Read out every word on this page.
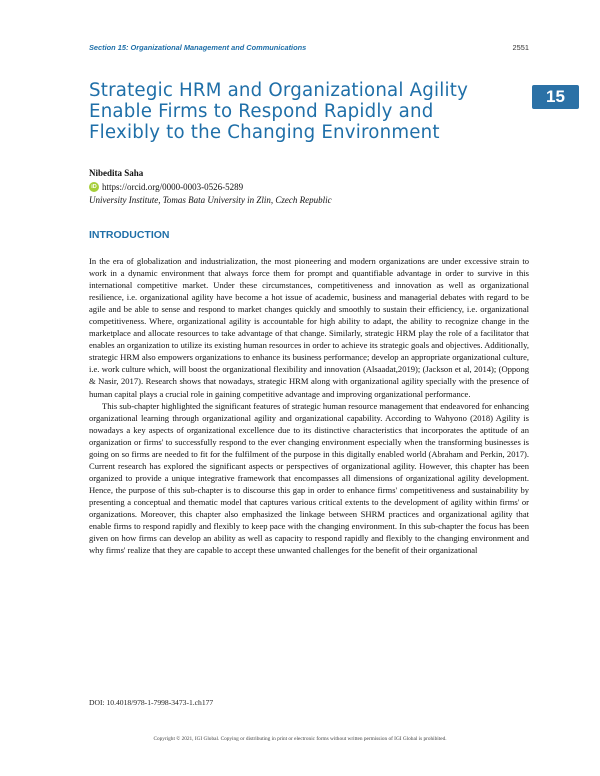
Section 15: Organizational Management and Communications	2551
Strategic HRM and Organizational Agility Enable Firms to Respond Rapidly and Flexibly to the Changing Environment
15
Nibedita Saha
iD https://orcid.org/0000-0003-0526-5289
University Institute, Tomas Bata University in Zlin, Czech Republic
INTRODUCTION

In the era of globalization and industrialization, the most pioneering and modern organizations are under excessive strain to work in a dynamic environment that always force them for prompt and quantifiable advantage in order to survive in this international competitive market. Under these circumstances, competitiveness and innovation as well as organizational resilience, i.e. organizational agility have become a hot issue of academic, business and managerial debates with regard to be agile and be able to sense and respond to market changes quickly and smoothly to sustain their efficiency, i.e. organizational competitiveness. Where, organizational agility is accountable for high ability to adapt, the ability to recognize change in the marketplace and allocate resources to take advantage of that change. Similarly, strategic HRM play the role of a facilitator that enables an organization to utilize its existing human resources in order to achieve its strategic goals and objectives. Additionally, strategic HRM also empowers organizations to enhance its business performance; develop an appropriate organizational culture, i.e. work culture which, will boost the organizational flexibility and innovation (Alsaadat,2019); (Jackson et al, 2014); (Oppong & Nasir, 2017). Research shows that nowadays, strategic HRM along with organizational agility specially with the presence of human capital plays a crucial role in gaining competitive advantage and improving organizational performance.

This sub-chapter highlighted the significant features of strategic human resource management that endeavored for enhancing organizational learning through organizational agility and organizational capability. According to Wahyono (2018) Agility is nowadays a key aspects of organizational excellence due to its distinctive characteristics that incorporates the aptitude of an organization or firms' to successfully respond to the ever changing environment especially when the transforming businesses is going on so firms are needed to fit for the fulfilment of the purpose in this digitally enabled world (Abraham and Perkin, 2017). Current research has explored the significant aspects or perspectives of organizational agility. However, this chapter has been organized to provide a unique integrative framework that encompasses all dimensions of organizational agility development. Hence, the purpose of this sub-chapter is to discourse this gap in order to enhance firms' competitiveness and sustainability by presenting a conceptual and thematic model that captures various critical extents to the development of agility within firms' or organizations. Moreover, this chapter also emphasized the linkage between SHRM practices and organizational agility that enable firms to respond rapidly and flexibly to keep pace with the changing environment. In this sub-chapter the focus has been given on how firms can develop an ability as well as capacity to respond rapidly and flexibly to the changing environment and why firms' realize that they are capable to accept these unwanted challenges for the benefit of their organizational

DOI: 10.4018/978-1-7998-3473-1.ch177
Copyright © 2021, IGI Global. Copying or distributing in print or electronic forms without written permission of IGI Global is prohibited.
